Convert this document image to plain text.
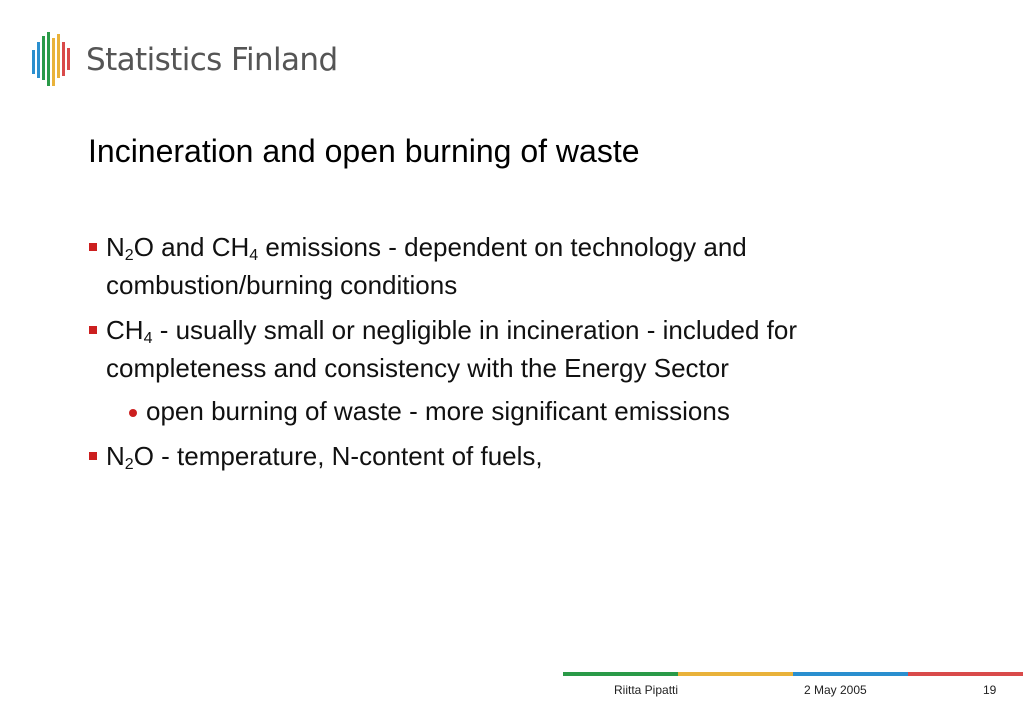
Statistics Finland
Incineration and open burning of waste
$N_2O$ and $CH_4$ emissions - dependent on technology and combustion/burning conditions
$CH_4$ - usually small or negligible in incineration - included for completeness and consistency with the Energy Sector
open burning of waste - more significant emissions
$N_2O$ - temperature, N-content of fuels,
Riitta Pipatti	2 May 2005	19
